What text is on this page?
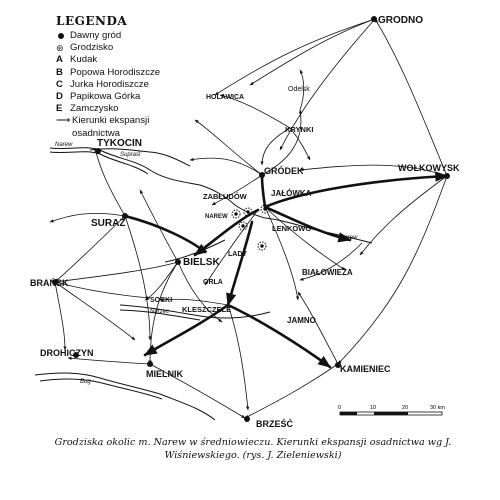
GRODNO
TYKOCIN
Narew
Supraśl
HOLAWICA
Odelsk
KRYNKI
GRÓDEK	WOŁKOWYSK
ZABŁUDÓW	JAŁÓWKA
SURAŻ
NAREW
LENKOWO
Narew
BIELSK
LADY
BIAŁOWIEŻA
BRAŃSK
SOCKI
ORLA
Nurzec KLESZCZELE
JAMNO
DROHICZYN
Bug
MIELNIK	KAMIENIEC
BRZEŚĆ
0	10	20	30 km
LEGENDA
Dawny gród
⊛ Grodzisko
A Kudak
B Popowa Horodiszcze
C Jurka Horodiszcze
D Papikowa Górka
E Zamczysko
⟶ Kierunki ekspansji osadnictwa
Grodziska okolic m. Narew w średniowieczu. Kierunki ekspansji osadnictwa wg J. Wiśniewskiego. (rys. J. Zieleniewski)
